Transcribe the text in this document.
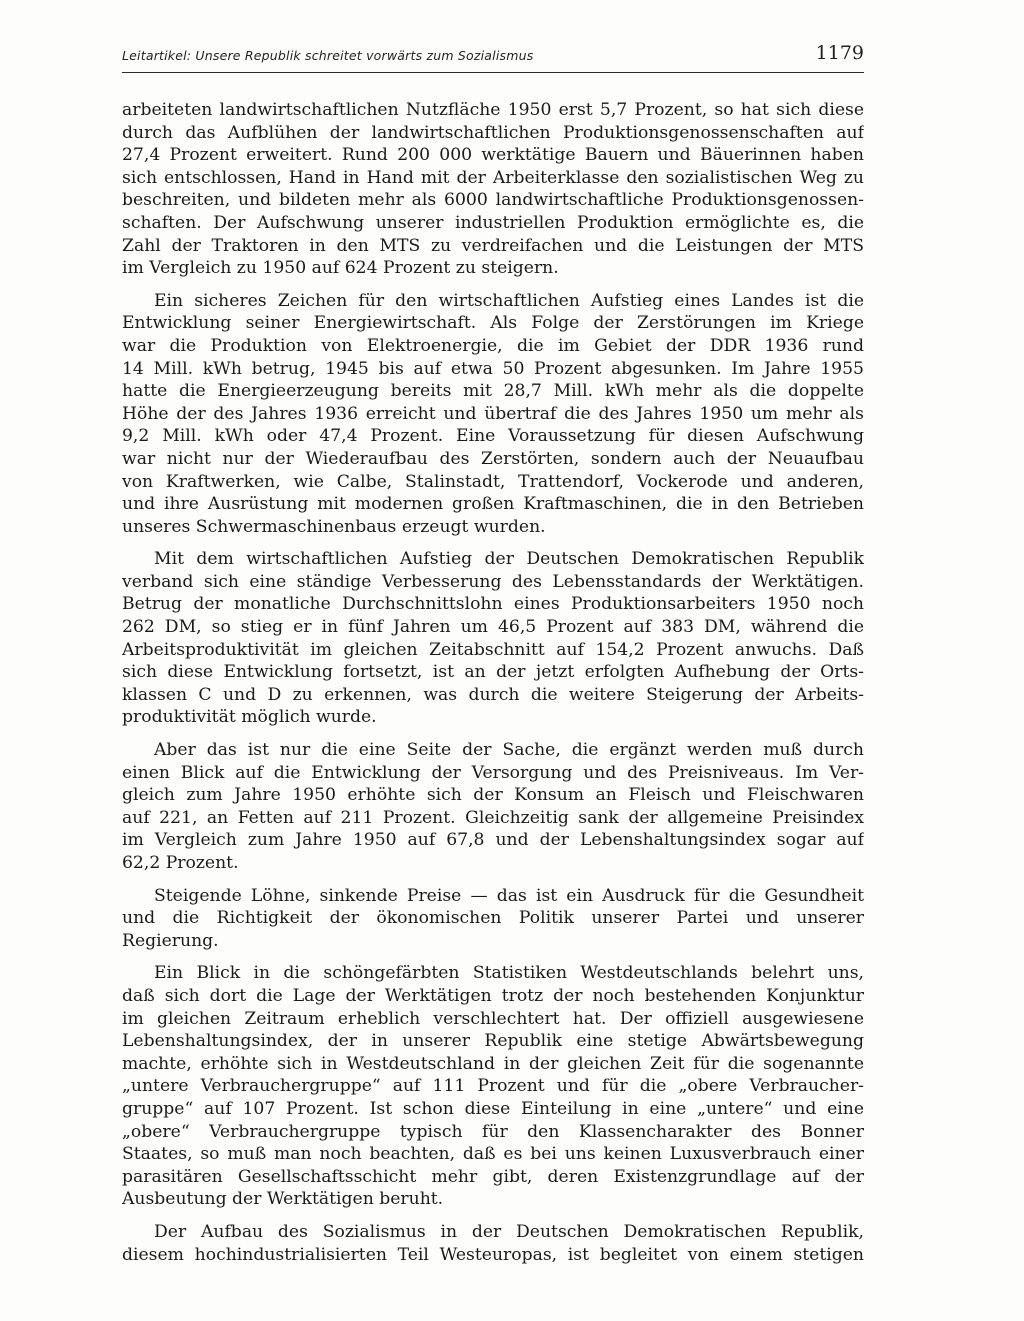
Leitartikel: Unsere Republik schreitet vorwärts zum Sozialismus	1179
arbeiteten landwirtschaftlichen Nutzfläche 1950 erst 5,7 Prozent, so hat sich diese
durch das Aufblühen der landwirtschaftlichen Produktionsgenossenschaften auf
27,4 Prozent erweitert. Rund 200 000 werktätige Bauern und Bäuerinnen haben
sich entschlossen, Hand in Hand mit der Arbeiterklasse den sozialistischen Weg zu
beschreiten, und bildeten mehr als 6000 landwirtschaftliche Produktionsgenossen-
schaften. Der Aufschwung unserer industriellen Produktion ermöglichte es, die
Zahl der Traktoren in den MTS zu verdreifachen und die Leistungen der MTS
im Vergleich zu 1950 auf 624 Prozent zu steigern.
Ein sicheres Zeichen für den wirtschaftlichen Aufstieg eines Landes ist die
Entwicklung seiner Energiewirtschaft. Als Folge der Zerstörungen im Kriege
war die Produktion von Elektroenergie, die im Gebiet der DDR 1936 rund
14 Mill. kWh betrug, 1945 bis auf etwa 50 Prozent abgesunken. Im Jahre 1955
hatte die Energieerzeugung bereits mit 28,7 Mill. kWh mehr als die doppelte
Höhe der des Jahres 1936 erreicht und übertraf die des Jahres 1950 um mehr als
9,2 Mill. kWh oder 47,4 Prozent. Eine Voraussetzung für diesen Aufschwung
war nicht nur der Wiederaufbau des Zerstörten, sondern auch der Neuaufbau
von Kraftwerken, wie Calbe, Stalinstadt, Trattendorf, Vockerode und anderen,
und ihre Ausrüstung mit modernen großen Kraftmaschinen, die in den Betrieben
unseres Schwermaschinenbaus erzeugt wurden.
Mit dem wirtschaftlichen Aufstieg der Deutschen Demokratischen Republik
verband sich eine ständige Verbesserung des Lebensstandards der Werktätigen.
Betrug der monatliche Durchschnittslohn eines Produktionsarbeiters 1950 noch
262 DM, so stieg er in fünf Jahren um 46,5 Prozent auf 383 DM, während die
Arbeitsproduktivität im gleichen Zeitabschnitt auf 154,2 Prozent anwuchs. Daß
sich diese Entwicklung fortsetzt, ist an der jetzt erfolgten Aufhebung der Orts-
klassen C und D zu erkennen, was durch die weitere Steigerung der Arbeits-
produktivität möglich wurde.
Aber das ist nur die eine Seite der Sache, die ergänzt werden muß durch
einen Blick auf die Entwicklung der Versorgung und des Preisniveaus. Im Ver-
gleich zum Jahre 1950 erhöhte sich der Konsum an Fleisch und Fleischwaren
auf 221, an Fetten auf 211 Prozent. Gleichzeitig sank der allgemeine Preisindex
im Vergleich zum Jahre 1950 auf 67,8 und der Lebenshaltungsindex sogar auf
62,2 Prozent.
Steigende Löhne, sinkende Preise — das ist ein Ausdruck für die Gesundheit
und die Richtigkeit der ökonomischen Politik unserer Partei und unserer
Regierung.
Ein Blick in die schöngefärbten Statistiken Westdeutschlands belehrt uns,
daß sich dort die Lage der Werktätigen trotz der noch bestehenden Konjunktur
im gleichen Zeitraum erheblich verschlechtert hat. Der offiziell ausgewiesene
Lebenshaltungsindex, der in unserer Republik eine stetige Abwärtsbewegung
machte, erhöhte sich in Westdeutschland in der gleichen Zeit für die sogenannte
„untere Verbrauchergruppe“ auf 111 Prozent und für die „obere Verbraucher-
gruppe“ auf 107 Prozent. Ist schon diese Einteilung in eine „untere“ und eine
„obere“ Verbrauchergruppe typisch für den Klassencharakter des Bonner
Staates, so muß man noch beachten, daß es bei uns keinen Luxusverbrauch einer
parasitären Gesellschaftsschicht mehr gibt, deren Existenzgrundlage auf der
Ausbeutung der Werktätigen beruht.
Der Aufbau des Sozialismus in der Deutschen Demokratischen Republik,
diesem hochindustrialisierten Teil Westeuropas, ist begleitet von einem stetigen
